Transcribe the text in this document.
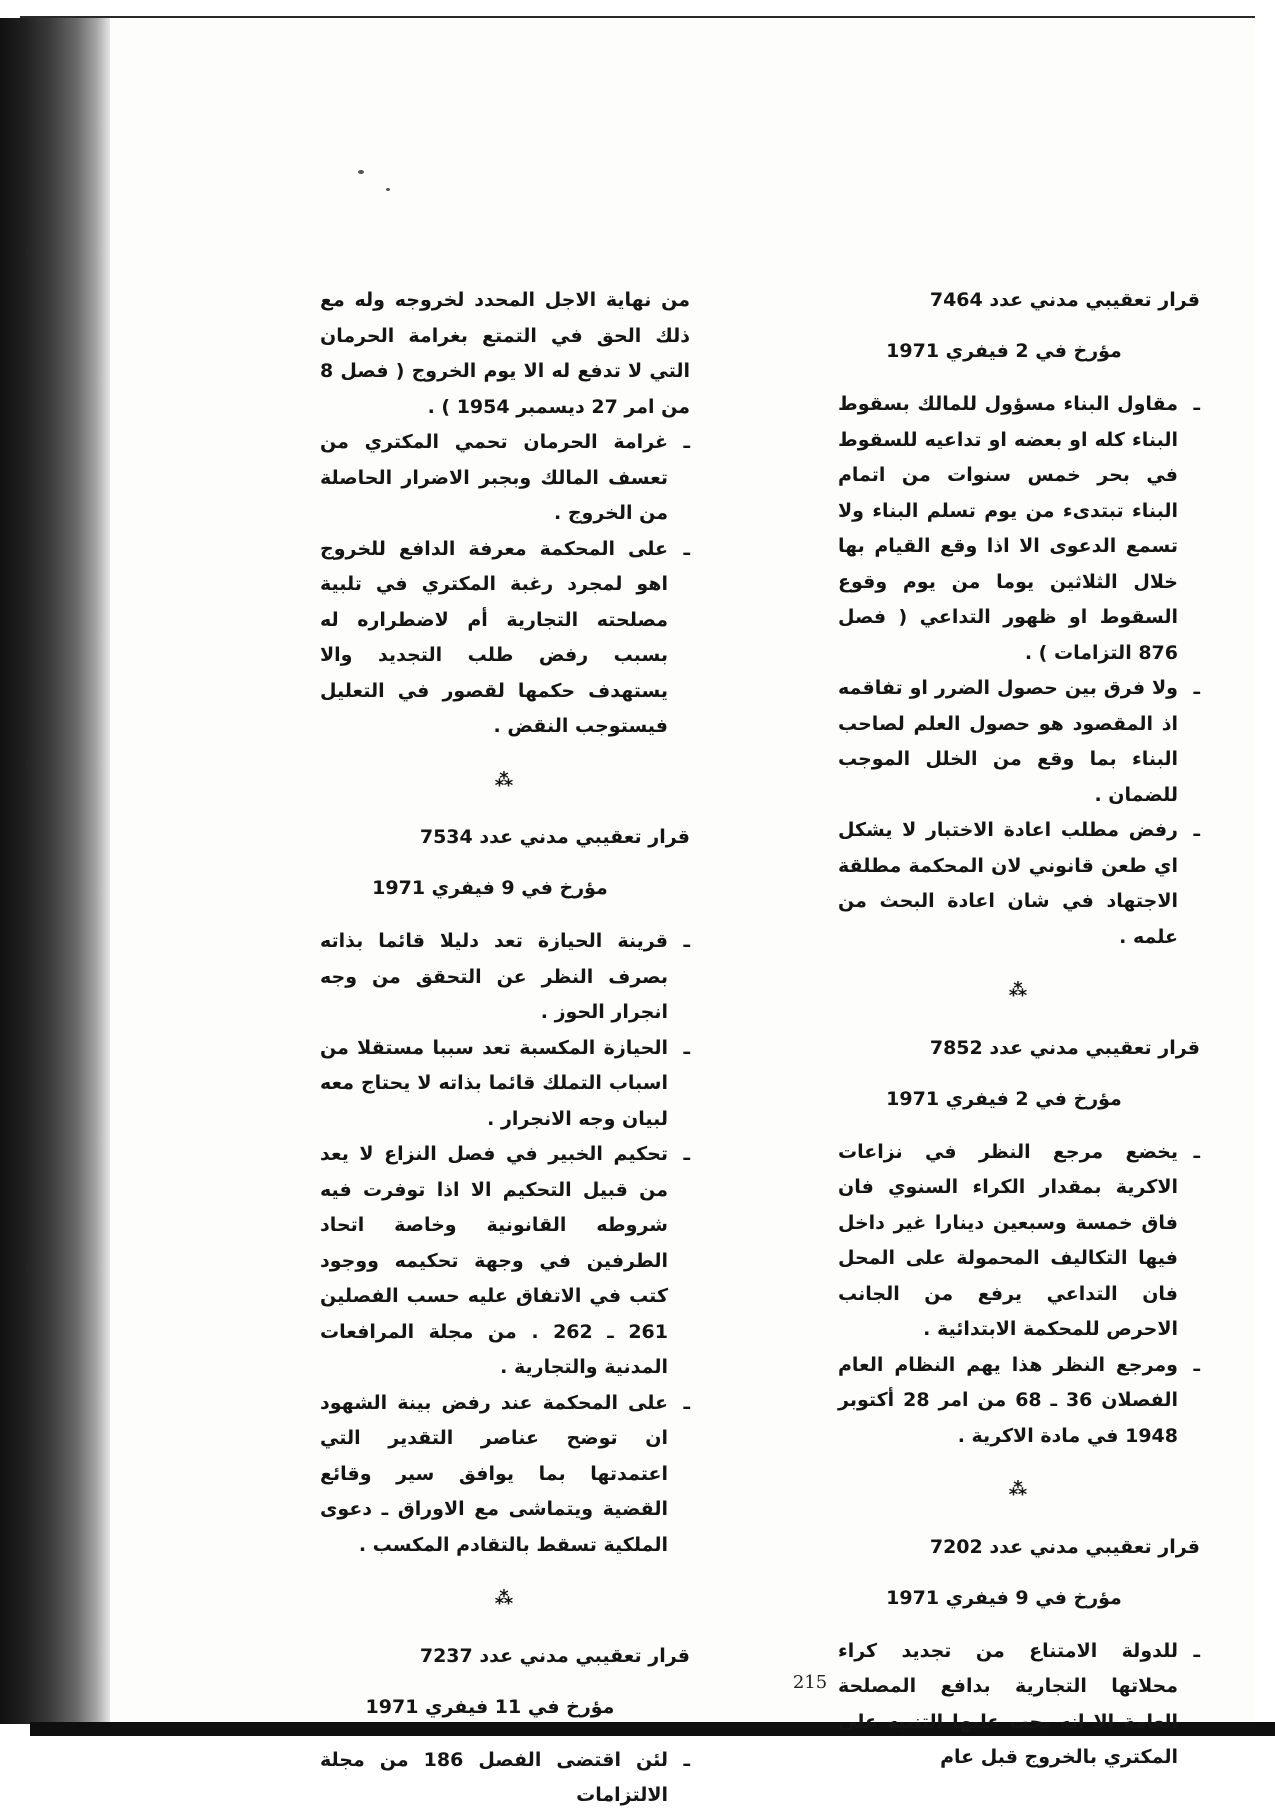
قرار تعقيبي مدني عدد 7464

مؤرخ في 2 فيفري 1971

ـ
مقاول البناء مسؤول للمالك بسقوط البناء كله او بعضه او تداعيه للسقوط في بحر خمس سنوات من اتمام البناء تبتدىء من يوم تسلم البناء ولا تسمع الدعوى الا اذا وقع القيام بها خلال الثلاثين يوما من يوم وقوع السقوط او ظهور التداعي ( فصل 876 التزامات ) .
ـ
ولا فرق بين حصول الضرر او تفاقمه اذ المقصود هو حصول العلم لصاحب البناء بما وقع من الخلل الموجب للضمان .
ـ
رفض مطلب اعادة الاختبار لا يشكل اي طعن قانوني لان المحكمة مطلقة الاجتهاد في شان اعادة البحث من علمه .
⁂

قرار تعقيبي مدني عدد 7852

مؤرخ في 2 فيفري 1971

ـ
يخضع مرجع النظر في نزاعات الاكرية بمقدار الكراء السنوي فان فاق خمسة وسبعين دينارا غير داخل فيها التكاليف المحمولة على المحل فان التداعي يرفع من الجانب الاحرص للمحكمة الابتدائية .
ـ
ومرجع النظر هذا يهم النظام العام الفصلان 36 ـ 68 من امر 28 أكتوبر 1948 في مادة الاكرية .
⁂

قرار تعقيبي مدني عدد 7202

مؤرخ في 9 فيفري 1971

ـ
للدولة الامتناع من تجديد كراء محلاتها التجارية بدافع المصلحة العامة الا انه يجب عليها التنبيه على المكتري بالخروج قبل عام

من نهاية الاجل المحدد لخروجه وله مع ذلك الحق في التمتع بغرامة الحرمان التي لا تدفع له الا يوم الخروج ( فصل 8 من امر 27 ديسمبر 1954 ) .

ـ
غرامة الحرمان تحمي المكتري من تعسف المالك وبجبر الاضرار الحاصلة من الخروج .
ـ
على المحكمة معرفة الدافع للخروج اهو لمجرد رغبة المكتري في تلبية مصلحته التجارية أم لاضطراره له بسبب رفض طلب التجديد والا يستهدف حكمها لقصور في التعليل فيستوجب النقض .
⁂

قرار تعقيبي مدني عدد 7534

مؤرخ في 9 فيفري 1971

ـ
قرينة الحيازة تعد دليلا قائما بذاته بصرف النظر عن التحقق من وجه انجرار الحوز .
ـ
الحيازة المكسبة تعد سببا مستقلا من اسباب التملك قائما بذاته لا يحتاج معه لبيان وجه الانجرار .
ـ
تحكيم الخبير في فصل النزاع لا يعد من قبيل التحكيم الا اذا توفرت فيه شروطه القانونية وخاصة اتحاد الطرفين في وجهة تحكيمه ووجود كتب في الاتفاق عليه حسب الفصلين 261 ـ 262 . من مجلة المرافعات المدنية والتجارية .
ـ
على المحكمة عند رفض بينة الشهود ان توضح عناصر التقدير التي اعتمدتها بما يوافق سير وقائع القضية ويتماشى مع الاوراق ـ دعوى الملكية تسقط بالتقادم المكسب .
⁂

قرار تعقيبي مدني عدد 7237

مؤرخ في 11 فيفري 1971

ـ
لئن اقتضى الفصل 186 من مجلة الالتزامات
215
